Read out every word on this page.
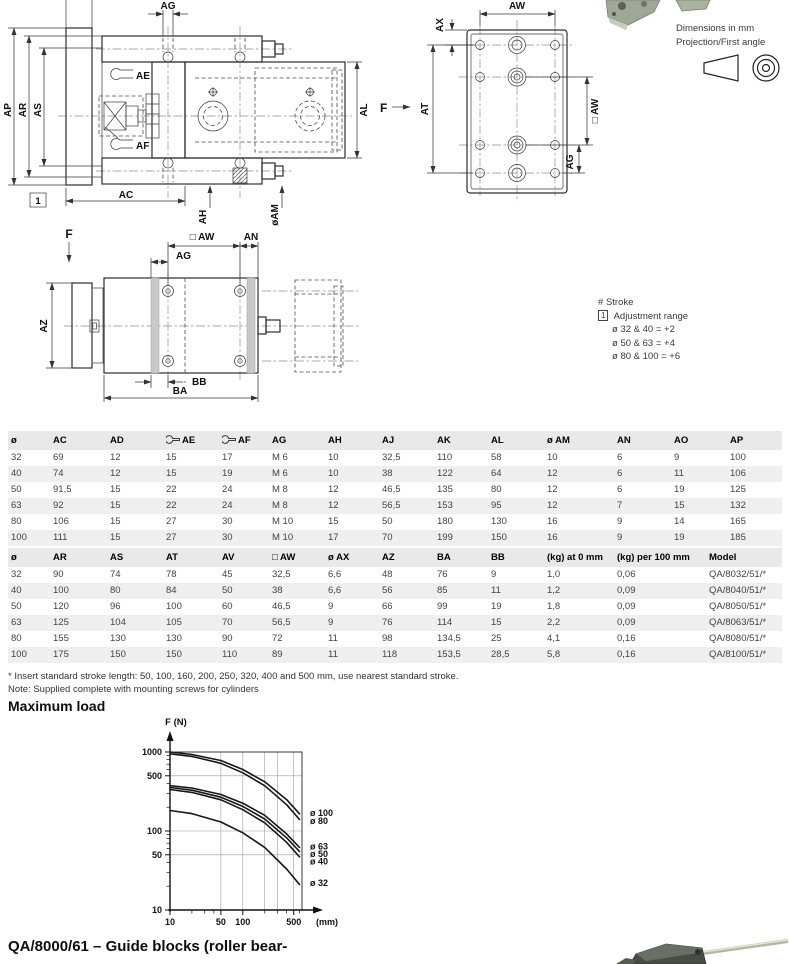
AE
AF
AP AR AS
AG
AC
1
AH	øAM
AL F
AW
AX
AT	□ AW
AG
Dimensions in mm
Projection/First angle
F	□ AW	AN
AG
AZ
BB
BA
# Stroke
1 Adjustment range
ø 32 & 40 = +2
ø 50 & 63 = +4
ø 80 & 100 = +6
ø	AC	AD	AE	AF	AG	AH	AJ	AK	AL	ø AM	AN	AO	AP
32	69	12	15	17	M 6	10	32,5	110	58	10	6	9	100
40	74	12	15	19	M 6	10	38	122	64	12	6	11	106
50	91,5	15	22	24	M 8	12	46,5	135	80	12	6	19	125
63	92	15	22	24	M 8	12	56,5	153	95	12	7	15	132
80	106	15	27	30	M 10	15	50	180	130	16	9	14	165
100	111	15	27	30	M 10	17	70	199	150	16	9	19	185
ø	AR	AS	AT	AV	□ AW	ø AX	AZ	BA	BB	(kg) at 0 mm	(kg) per 100 mm	Model
32	90	74	78	45	32,5	6,6	48	76	9	1,0	0,06	QA/8032/51/*
40	100	80	84	50	38	6,6	56	85	11	1,2	0,09	QA/8040/51/*
50	120	96	100	60	46,5	9	66	99	19	1,8	0,09	QA/8050/51/*
63	125	104	105	70	56,5	9	76	114	15	2,2	0,09	QA/8063/51/*
80	155	130	130	90	72	11	98	134,5	25	4,1	0,16	QA/8080/51/*
100	175	150	150	110	89	11	118	153,5	28,5	5,8	0,16	QA/8100/51/*
* Insert standard stroke length: 50, 100, 160, 200, 250, 320, 400 and 500 mm, use nearest standard stroke.
Note: Supplied complete with mounting screws for cylinders
Maximum load
10	50 100	500
10
50
100
500
1000
(mm)
F (N)
ø 100
ø 80
ø 63
ø 50
ø 40
ø 32
QA/8000/61 – Guide blocks (roller bear-
